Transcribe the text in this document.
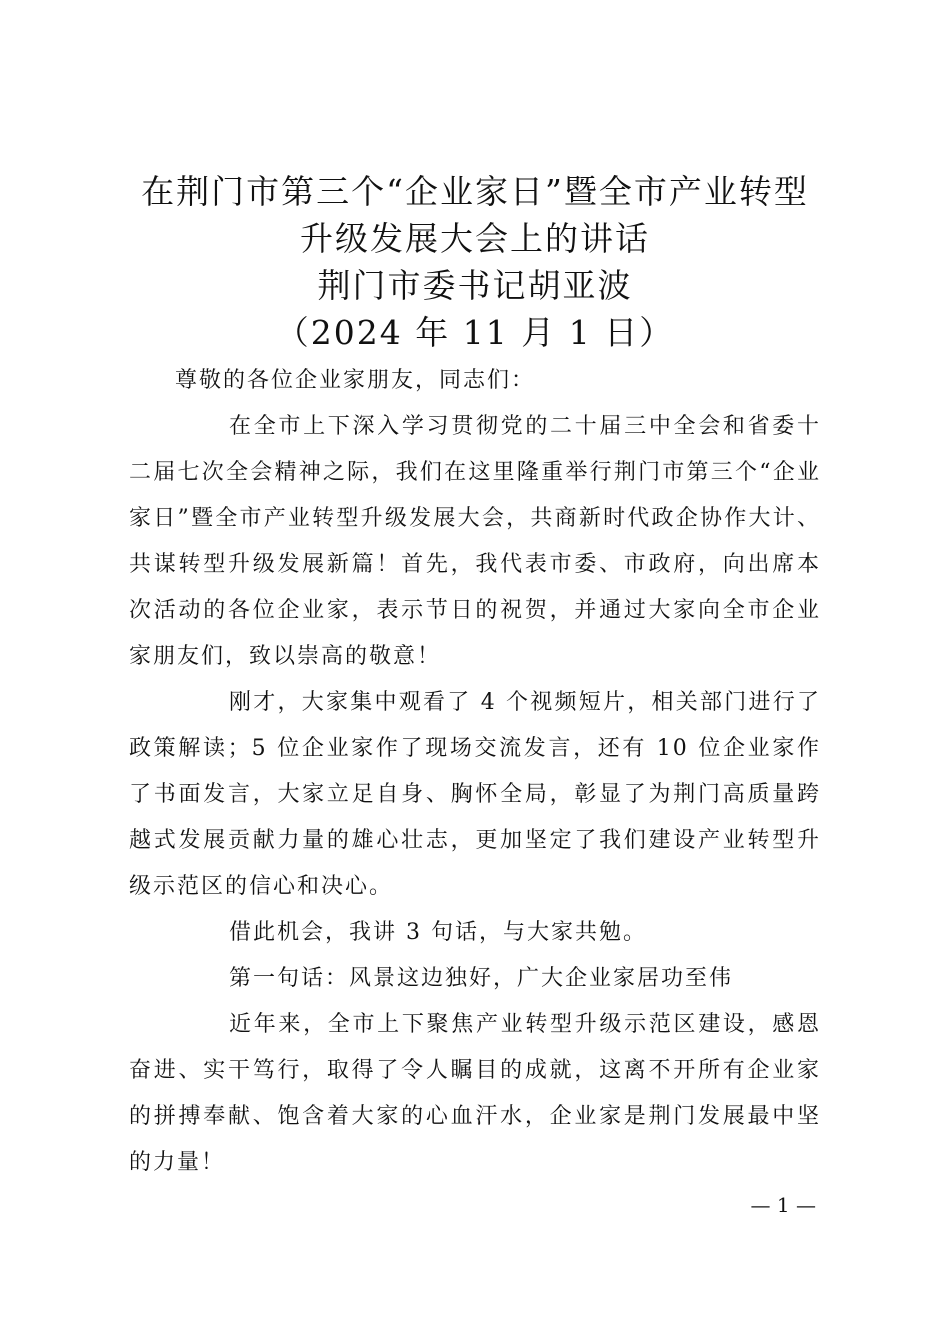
在荆门市第三个“企业家日”暨全市产业转型
升级发展大会上的讲话
荆门市委书记胡亚波
（2024 年 11 月 1 日）

尊敬的各位企业家朋友，同志们：

在全市上下深入学习贯彻党的二十届三中全会和省委十二届七次全会精神之际，我们在这里隆重举行荆门市第三个“企业家日”暨全市产业转型升级发展大会，共商新时代政企协作大计、共谋转型升级发展新篇！首先，我代表市委、市政府，向出席本次活动的各位企业家，表示节日的祝贺，并通过大家向全市企业家朋友们，致以崇高的敬意！

刚才，大家集中观看了 4 个视频短片，相关部门进行了政策解读；5 位企业家作了现场交流发言，还有 10 位企业家作了书面发言，大家立足自身、胸怀全局，彰显了为荆门高质量跨越式发展贡献力量的雄心壮志，更加坚定了我们建设产业转型升级示范区的信心和决心。

借此机会，我讲 3 句话，与大家共勉。

第一句话：风景这边独好，广大企业家居功至伟

近年来，全市上下聚焦产业转型升级示范区建设，感恩奋进、实干笃行，取得了令人瞩目的成就，这离不开所有企业家的拼搏奉献、饱含着大家的心血汗水，企业家是荆门发展最中坚的力量！

— 1 —
